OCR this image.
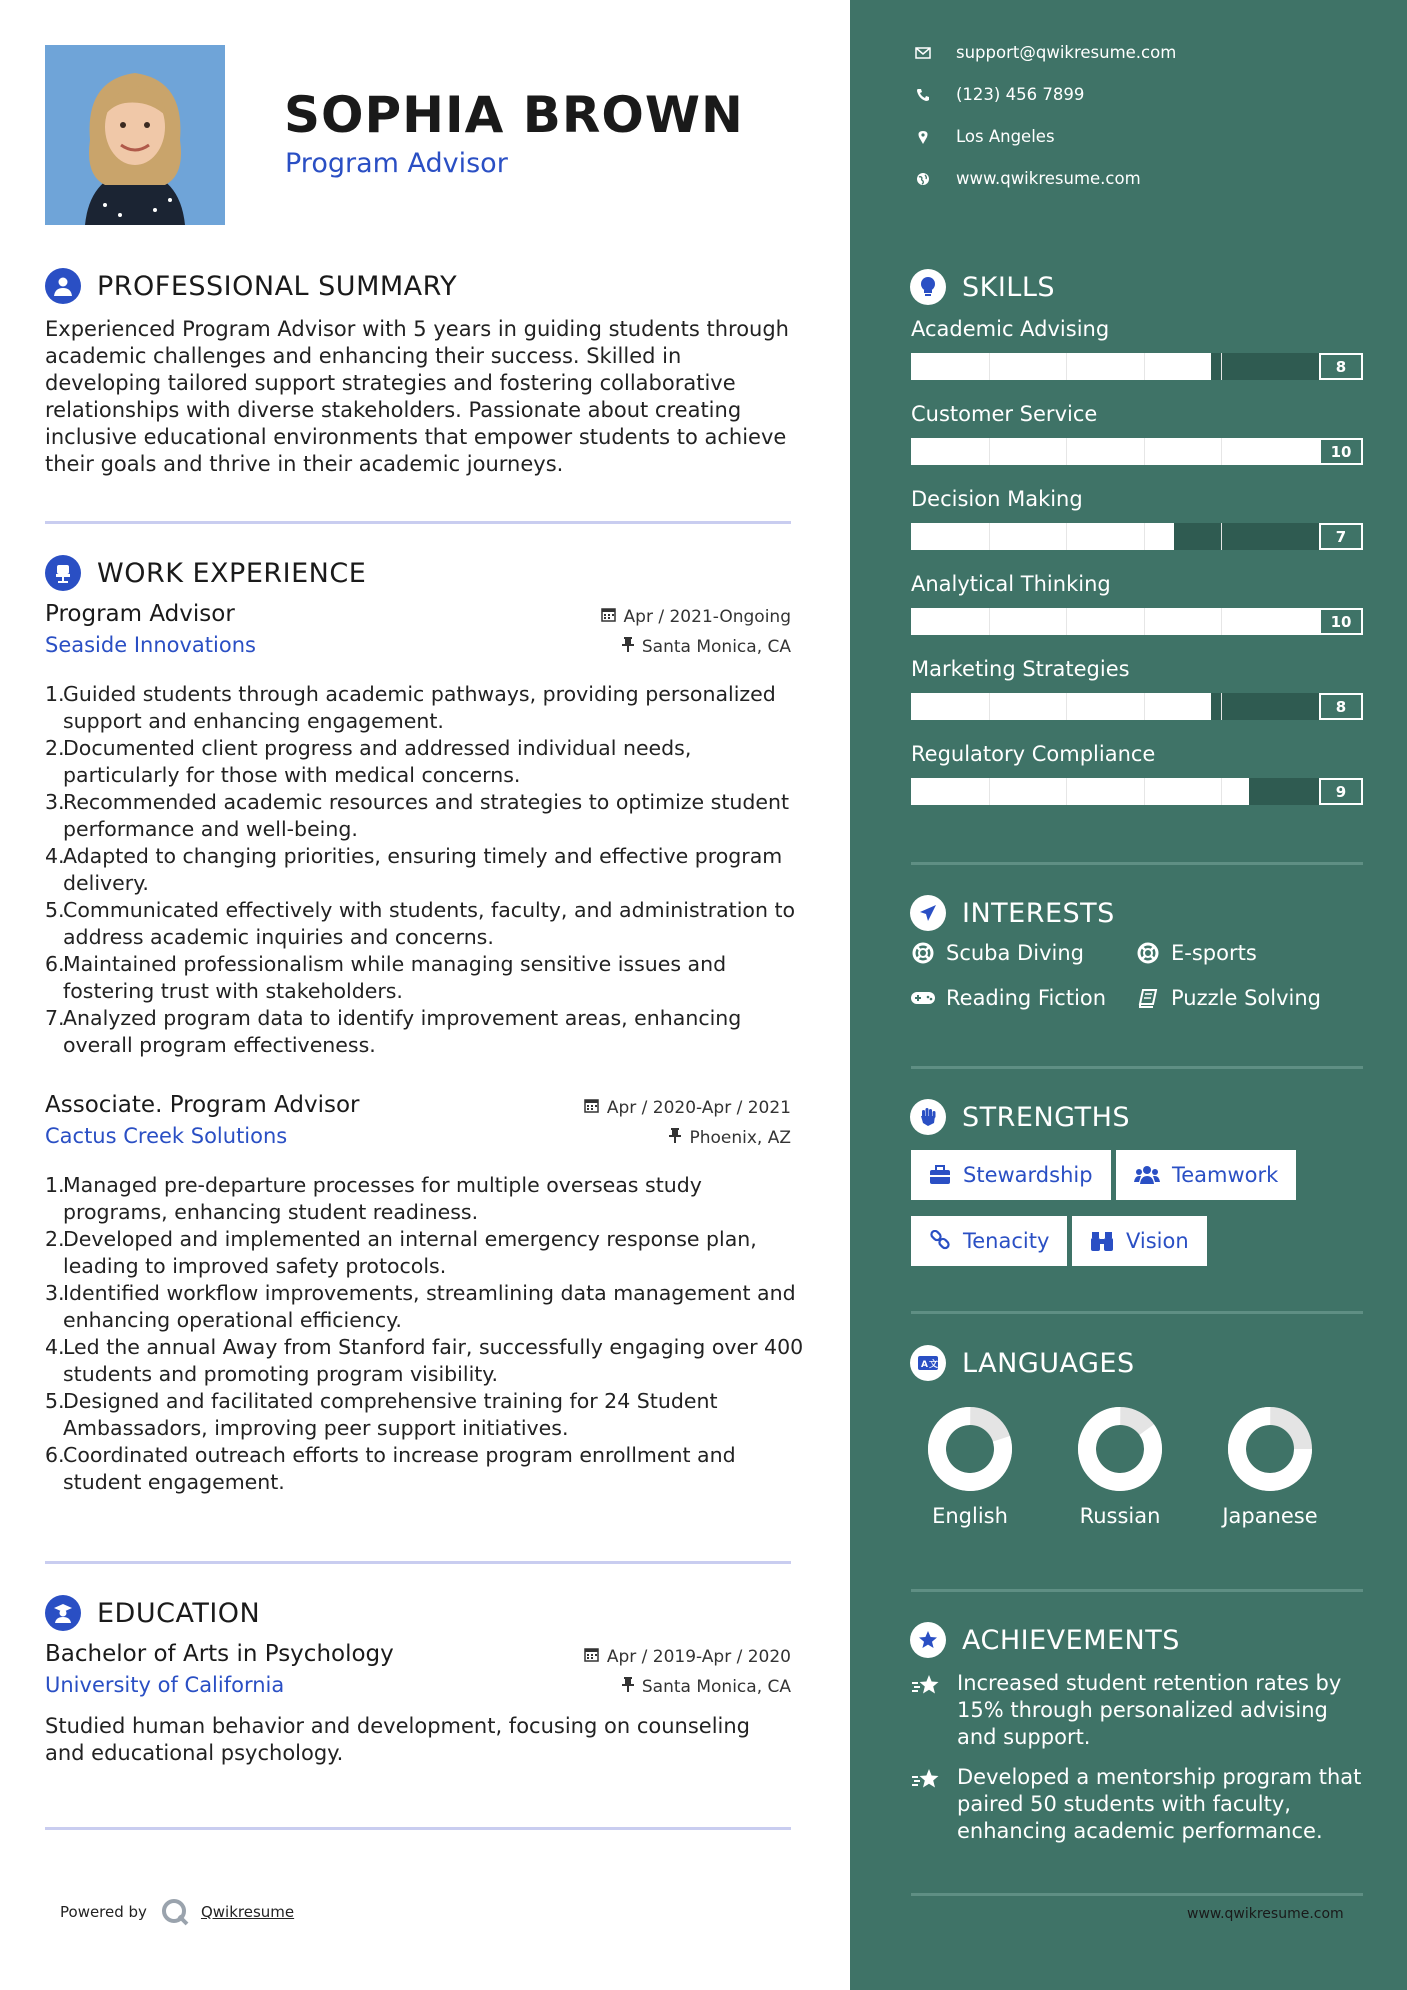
SOPHIA BROWN
Program Advisor
PROFESSIONAL SUMMARY
Experienced Program Advisor with 5 years in guiding students through academic challenges and enhancing their success. Skilled in developing tailored support strategies and fostering collaborative relationships with diverse stakeholders. Passionate about creating inclusive educational environments that empower students to achieve their goals and thrive in their academic journeys.
WORK EXPERIENCE
Program Advisor	Apr / 2021-Ongoing
Seaside Innovations	Santa Monica, CA
1.
Guided students through academic pathways, providing personalized support and enhancing engagement.
2.
Documented client progress and addressed individual needs, particularly for those with medical concerns.
3.
Recommended academic resources and strategies to optimize student performance and well-being.
4.
Adapted to changing priorities, ensuring timely and effective program delivery.
5.
Communicated effectively with students, faculty, and administration to address academic inquiries and concerns.
6.
Maintained professionalism while managing sensitive issues and fostering trust with stakeholders.
7.
Analyzed program data to identify improvement areas, enhancing overall program effectiveness.
Associate. Program Advisor	Apr / 2020-Apr / 2021
Cactus Creek Solutions	Phoenix, AZ
1.
Managed pre-departure processes for multiple overseas study programs, enhancing student readiness.
2.
Developed and implemented an internal emergency response plan, leading to improved safety protocols.
3.
Identified workflow improvements, streamlining data management and enhancing operational efficiency.
4.
Led the annual Away from Stanford fair, successfully engaging over 400 students and promoting program visibility.
5.
Designed and facilitated comprehensive training for 24 Student Ambassadors, improving peer support initiatives.
6.
Coordinated outreach efforts to increase program enrollment and student engagement.
EDUCATION
Bachelor of Arts in Psychology	Apr / 2019-Apr / 2020
University of California	Santa Monica, CA
Studied human behavior and development, focusing on counseling and educational psychology.
Powered by	Qwikresume
support@qwikresume.com
(123) 456 7899
Los Angeles
www.qwikresume.com
SKILLS
Academic Advising
8
Customer Service
10
Decision Making
7
Analytical Thinking
10
Marketing Strategies
8
Regulatory Compliance
9
INTERESTS
Scuba Diving	E-sports
Reading Fiction	Puzzle Solving
STRENGTHS
Stewardship	Teamwork
Tenacity	Vision
A 文 LANGUAGES
English	Russian	Japanese
ACHIEVEMENTS
Increased student retention rates by 15% through personalized advising and support.
Developed a mentorship program that paired 50 students with faculty, enhancing academic performance.
www.qwikresume.com
